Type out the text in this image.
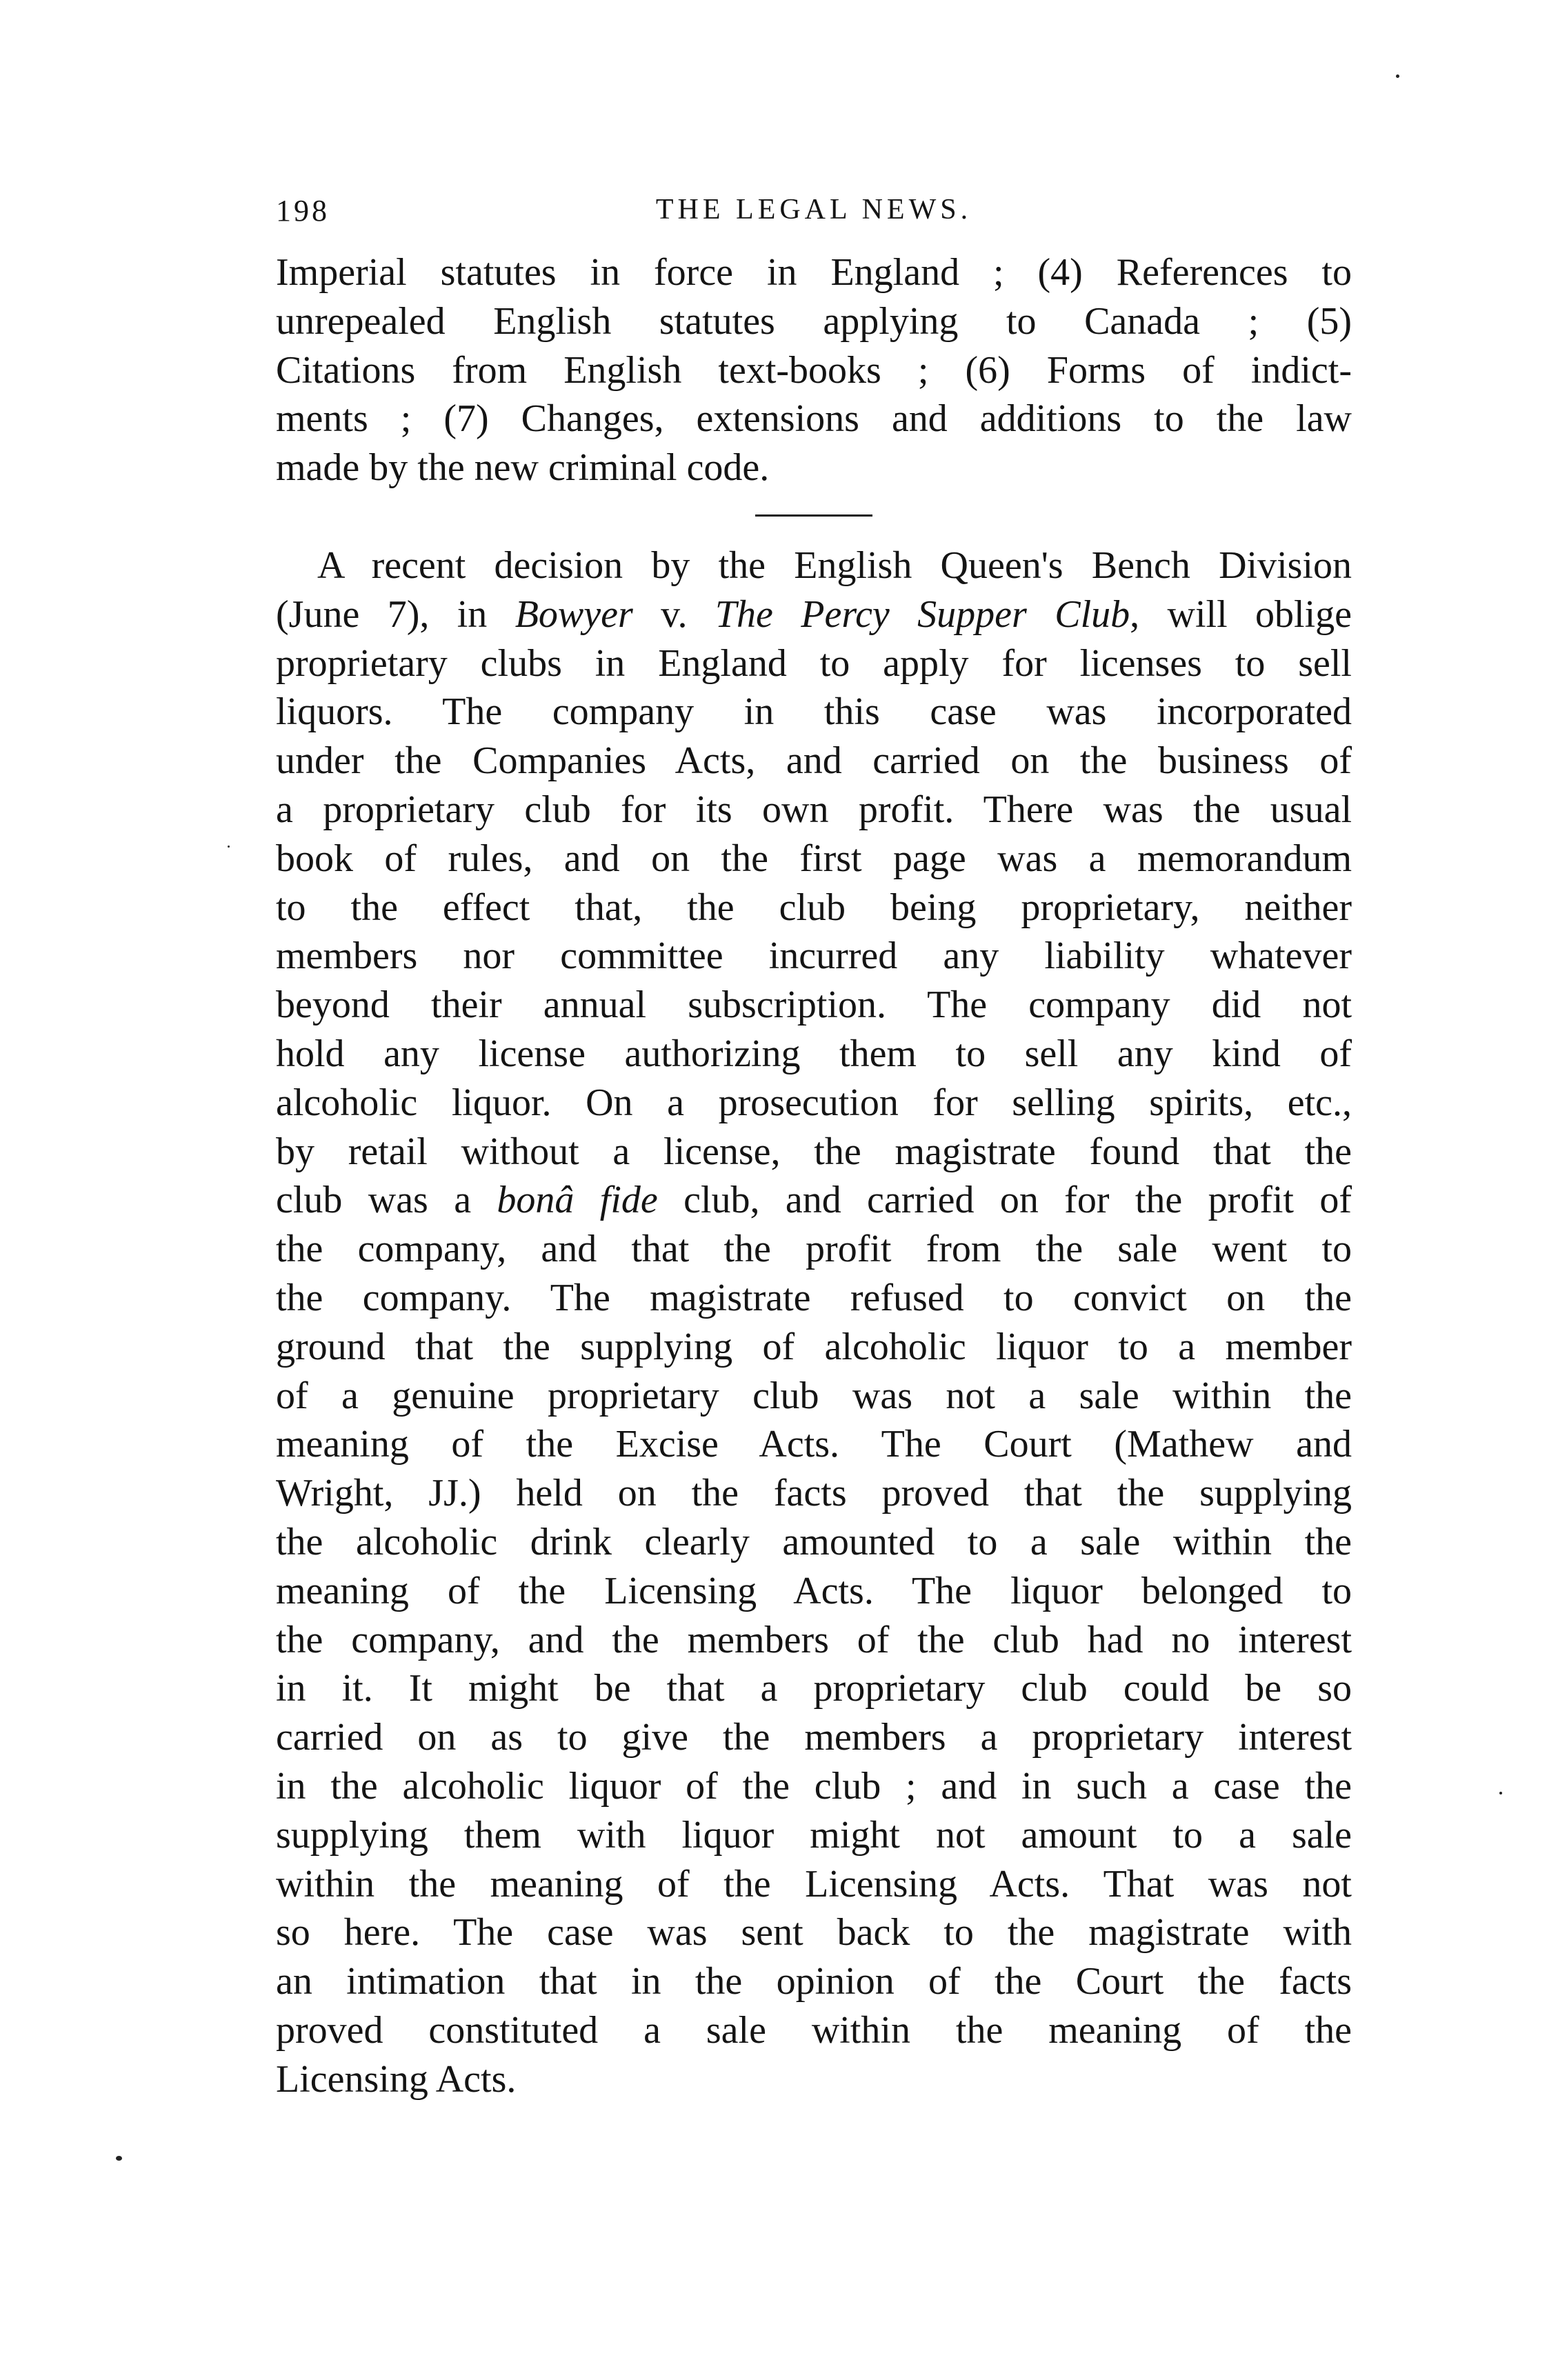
198	THE LEGAL NEWS.

Imperial statutes in force in England ; (4) References to
unrepealed English statutes applying to Canada ; (5)
Citations from English text-books ; (6) Forms of indict-
ments ; (7) Changes, extensions and additions to the law
made by the new criminal code.

A recent decision by the English Queen's Bench Division
(June 7), in Bowyer v. The Percy Supper Club, will oblige
proprietary clubs in England to apply for licenses to sell
liquors. The company in this case was incorporated
under the Companies Acts, and carried on the business of
a proprietary club for its own profit. There was the usual
book of rules, and on the first page was a memorandum
to the effect that, the club being proprietary, neither
members nor committee incurred any liability whatever
beyond their annual subscription. The company did not
hold any license authorizing them to sell any kind of
alcoholic liquor. On a prosecution for selling spirits, etc.,
by retail without a license, the magistrate found that the
club was a bonâ fide club, and carried on for the profit of
the company, and that the profit from the sale went to
the company. The magistrate refused to convict on the
ground that the supplying of alcoholic liquor to a member
of a genuine proprietary club was not a sale within the
meaning of the Excise Acts. The Court (Mathew and
Wright, JJ.) held on the facts proved that the supplying
the alcoholic drink clearly amounted to a sale within the
meaning of the Licensing Acts. The liquor belonged to
the company, and the members of the club had no interest
in it. It might be that a proprietary club could be so
carried on as to give the members a proprietary interest
in the alcoholic liquor of the club ; and in such a case the
supplying them with liquor might not amount to a sale
within the meaning of the Licensing Acts. That was not
so here. The case was sent back to the magistrate with
an intimation that in the opinion of the Court the facts
proved constituted a sale within the meaning of the
Licensing Acts.
